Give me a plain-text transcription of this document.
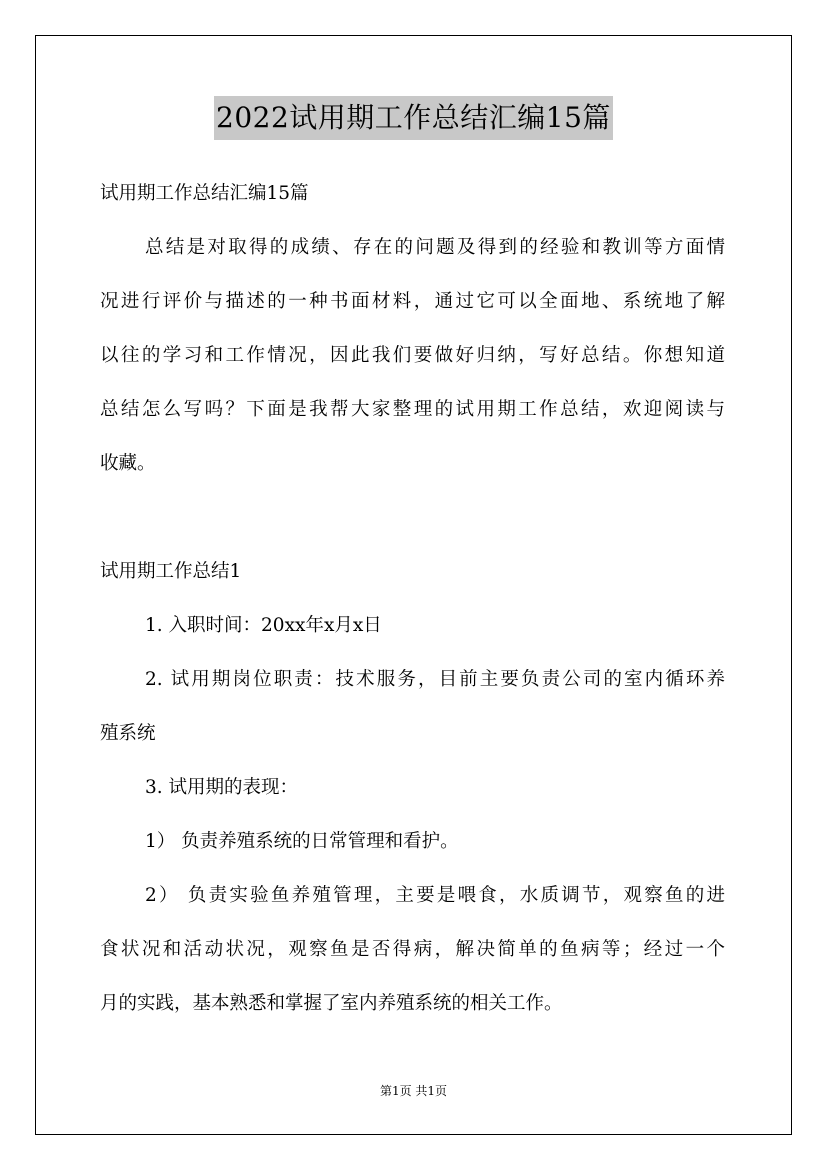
2022试用期工作总结汇编15篇
试用期工作总结汇编15篇
总结是对取得的成绩、存在的问题及得到的经验和教训等方面情
况进行评价与描述的一种书面材料，通过它可以全面地、系统地了解
以往的学习和工作情况，因此我们要做好归纳，写好总结。你想知道
总结怎么写吗？下面是我帮大家整理的试用期工作总结，欢迎阅读与
收藏。
试用期工作总结1
1. 入职时间：20xx年x月x日
2. 试用期岗位职责：技术服务，目前主要负责公司的室内循环养
殖系统
3. 试用期的表现：
1） 负责养殖系统的日常管理和看护。
2） 负责实验鱼养殖管理，主要是喂食，水质调节，观察鱼的进
食状况和活动状况，观察鱼是否得病，解决简单的鱼病等；经过一个
月的实践，基本熟悉和掌握了室内养殖系统的相关工作。
第1页 共1页
